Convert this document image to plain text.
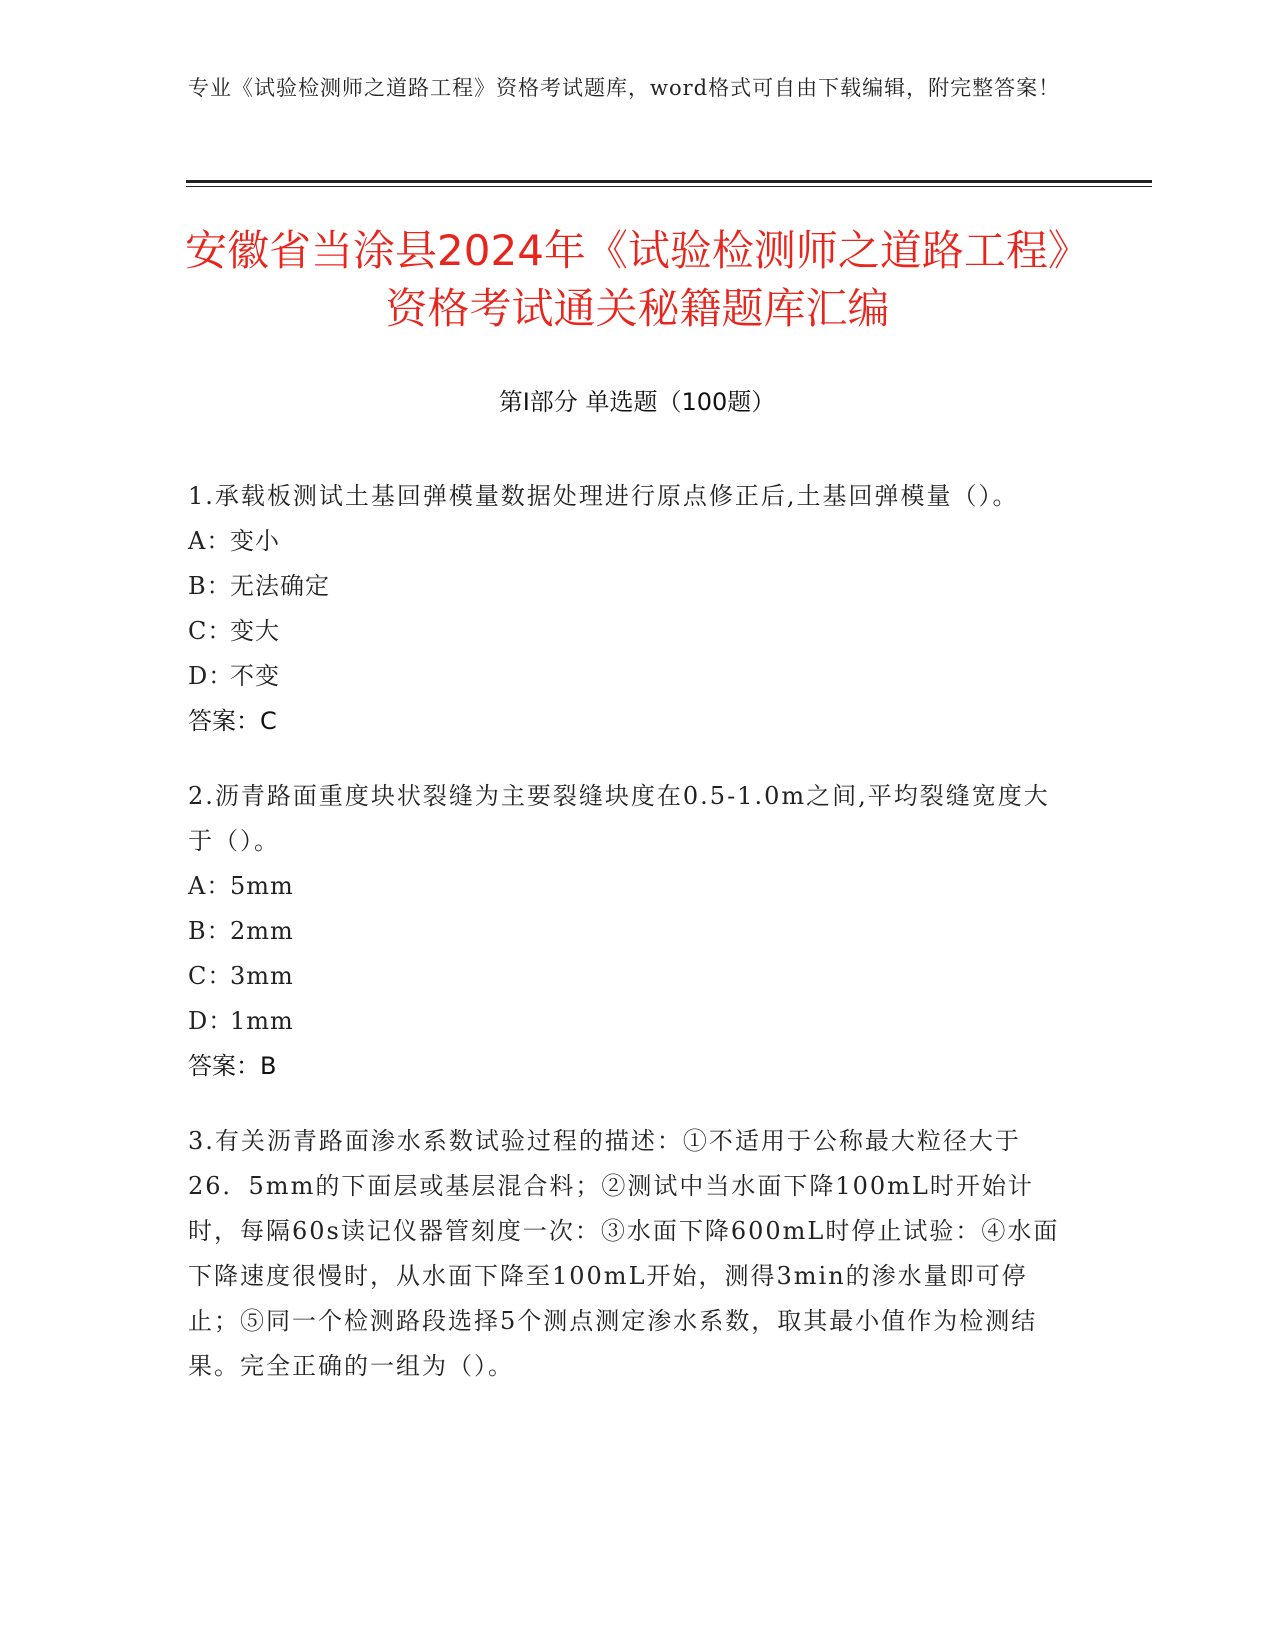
专业《试验检测师之道路工程》资格考试题库，word格式可自由下载编辑，附完整答案！
安徽省当涂县2024年《试验检测师之道路工程》资格考试通关秘籍题库汇编
第Ⅰ部分 单选题（100题）

1.承载板测试土基回弹模量数据处理进行原点修正后,土基回弹模量（）。

A：
变小
B：
无法确定
C：
变大
D：
不变
答案：C

2.沥青路面重度块状裂缝为主要裂缝块度在0.5-1.0m之间,平均裂缝宽度大于（）。

A：
5mm
B：
2mm
C：
3mm
D：
1mm
答案：B

3.有关沥青路面渗水系数试验过程的描述：①不适用于公称最大粒径大于26．5mm的下面层或基层混合料；②测试中当水面下降100mL时开始计时，每隔60s读记仪器管刻度一次：③水面下降600mL时停止试验：④水面下降速度很慢时，从水面下降至100mL开始，测得3min的渗水量即可停止；⑤同一个检测路段选择5个测点测定渗水系数，取其最小值作为检测结果。完全正确的一组为（）。
